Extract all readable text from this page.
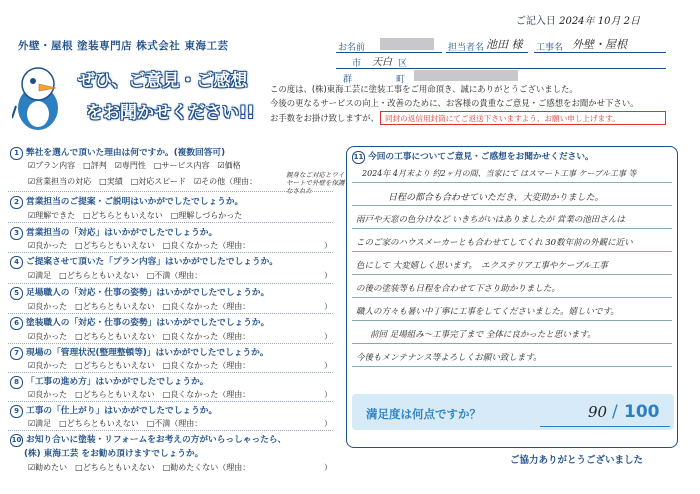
ご記入日 2024年 10月 2日
外壁・屋根 塗装専門店 株式会社 東海工芸
ぜひ、ご意見・ご感想
をお聞かせください!!
お名前	担当者名 池田 様 工事名 外壁・屋根
市 天白 区
群	町
この度は、(株)東海工芸に塗装工事をご用命頂き、誠にありがとうございました。
今後の更なるサービスの向上・改善のために、お客様の貴重なご意見・ご感想をお聞かせ下さい。
お手数をお掛け致しますが、 同封の返信用封筒にてご返送下さいますよう、お願い申し上げます。
1 弊社を選んで頂いた理由は何ですか。(複数回答可)
☑プラン内容　□評判　☑専門性　□サービス内容　☑価格
☑営業担当の対応　□実績　□対応スピード　☑その他（理由：
親身なご対応とワイヤートで外壁を保護なされた
2 営業担当のご提案・ご説明はいかがでしたでしょうか。
☑理解できた　□どちらともいえない　□理解しづらかった
3 営業担当の「対応」はいかがでしたでしょうか。
☑良かった　□どちらともいえない　□良くなかった（理由：	）
4 ご提案させて頂いた「プラン内容」はいかがでしたでしょうか。
☑満足　□どちらともいえない　□不満（理由：	）
5 足場職人の「対応・仕事の姿勢」はいかがでしたでしょうか。
☑良かった　□どちらともいえない　□良くなかった（理由：	）
6 塗装職人の「対応・仕事の姿勢」はいかがでしたでしょうか。
☑良かった　□どちらともいえない　□良くなかった（理由：	）
7 現場の「管理状況(整理整頓等)」はいかがでしたでしょうか。
☑良かった　□どちらともいえない　□良くなかった（理由：	）
8 「工事の進め方」はいかがでしたでしょうか。
☑良かった　□どちらともいえない　□良くなかった（理由：	）
9 工事の「仕上がり」はいかがでしたでしょうか。
☑満足　□どちらともいえない　□不満（理由：	）
10 お知り合いに塗装・リフォームをお考えの方がいらっしゃったら、
(株) 東海工芸 をお勧め頂けますでしょうか。
☑勧めたい　□どちらともいえない　□勧めたくない（理由：	）
11 今回の工事についてご意見・ご感想をお聞かせください。
2024年 4月末より 約2ヶ月の間、当家にて はスマート工事 ケーブル工事 等
日程の都合も合わせていただき、大変助かりました。
雨戸や天窓の色分けなど いきちがいはありましたが 営業の池田さんは
このご家のハウスメーカーとも合わせてしてくれ 30数年前の外観に近い
色にして 大変嬉しく思います。　エクステリア工事やケーブル工事
の後の塗装等も日程を合わせて下さり助かりました。
職人の方々も暑い中丁寧に工事をしてくださいました。嬉しいです。
前回 足場組み～工事完了まで 全体に良かったと思います。
今後もメンテナンス等よろしくお願い致します。
満足度は何点ですか？	90 / 100
ご協力ありがとうございました
